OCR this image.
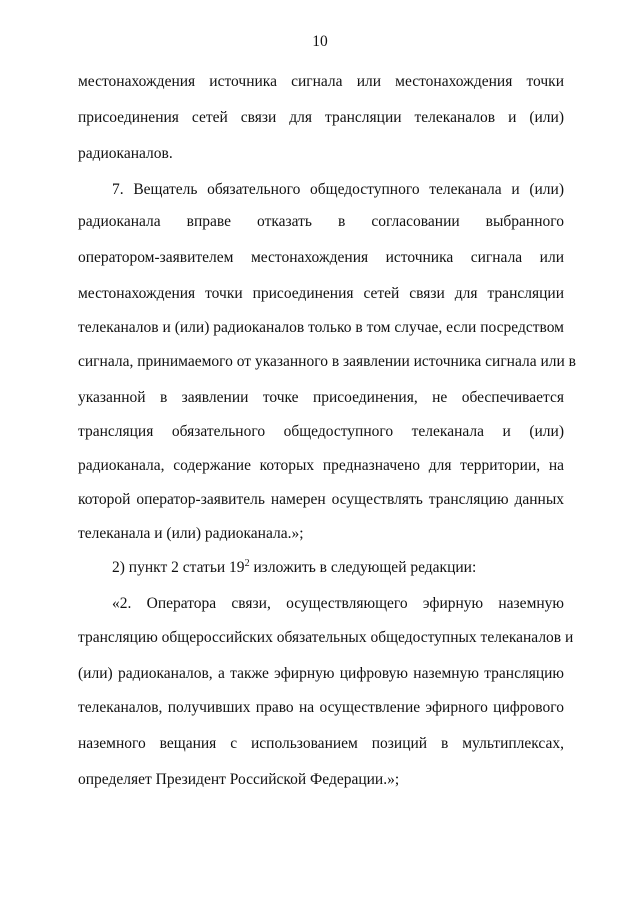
10
местонахождения источника сигнала или местонахождения точки
присоединения сетей связи для трансляции телеканалов и (или)
радиоканалов.
7. Вещатель обязательного общедоступного телеканала и (или)
радиоканала вправе отказать в согласовании выбранного
оператором-заявителем местонахождения источника сигнала или
местонахождения точки присоединения сетей связи для трансляции
телеканалов и (или) радиоканалов только в том случае, если посредством
сигнала, принимаемого от указанного в заявлении источника сигнала или в
указанной в заявлении точке присоединения, не обеспечивается
трансляция обязательного общедоступного телеканала и (или)
радиоканала, содержание которых предназначено для территории, на
которой оператор-заявитель намерен осуществлять трансляцию данных
телеканала и (или) радиоканала.»;
2) пункт 2 статьи $19^2$ изложить в следующей редакции:
«2. Оператора связи, осуществляющего эфирную наземную
трансляцию общероссийских обязательных общедоступных телеканалов и
(или) радиоканалов, а также эфирную цифровую наземную трансляцию
телеканалов, получивших право на осуществление эфирного цифрового
наземного вещания с использованием позиций в мультиплексах,
определяет Президент Российской Федерации.»;
